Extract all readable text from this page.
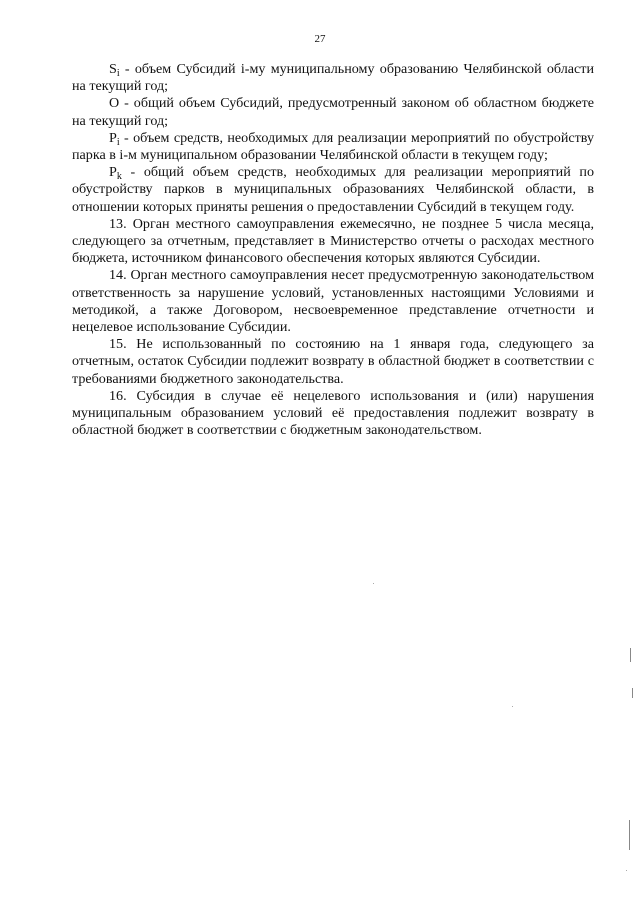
27

$S_i$ - объем Субсидий i-му муниципальному образованию Челябинской области на текущий год;

О - общий объем Субсидий, предусмотренный законом об областном бюджете на текущий год;

$P_i$ - объем средств, необходимых для реализации мероприятий по обустройству парка в i-м муниципальном образовании Челябинской области в текущем году;

$P_k$ - общий объем средств, необходимых для реализации мероприятий по обустройству парков в муниципальных образованиях Челябинской области, в отношении которых приняты решения о предоставлении Субсидий в текущем году.

13. Орган местного самоуправления ежемесячно, не позднее 5 числа месяца, следующего за отчетным, представляет в Министерство отчеты о расходах местного бюджета, источником финансового обеспечения которых являются Субсидии.

14. Орган местного самоуправления несет предусмотренную законодательством ответственность за нарушение условий, установленных настоящими Условиями и методикой, а также Договором, несвоевременное представление отчетности и нецелевое использование Субсидии.

15. Не использованный по состоянию на 1 января года, следующего за отчетным, остаток Субсидии подлежит возврату в областной бюджет в соответствии с требованиями бюджетного законодательства.

16. Субсидия в случае её нецелевого использования и (или) нарушения муниципальным образованием условий её предоставления подлежит возврату в областной бюджет в соответствии с бюджетным законодательством.
